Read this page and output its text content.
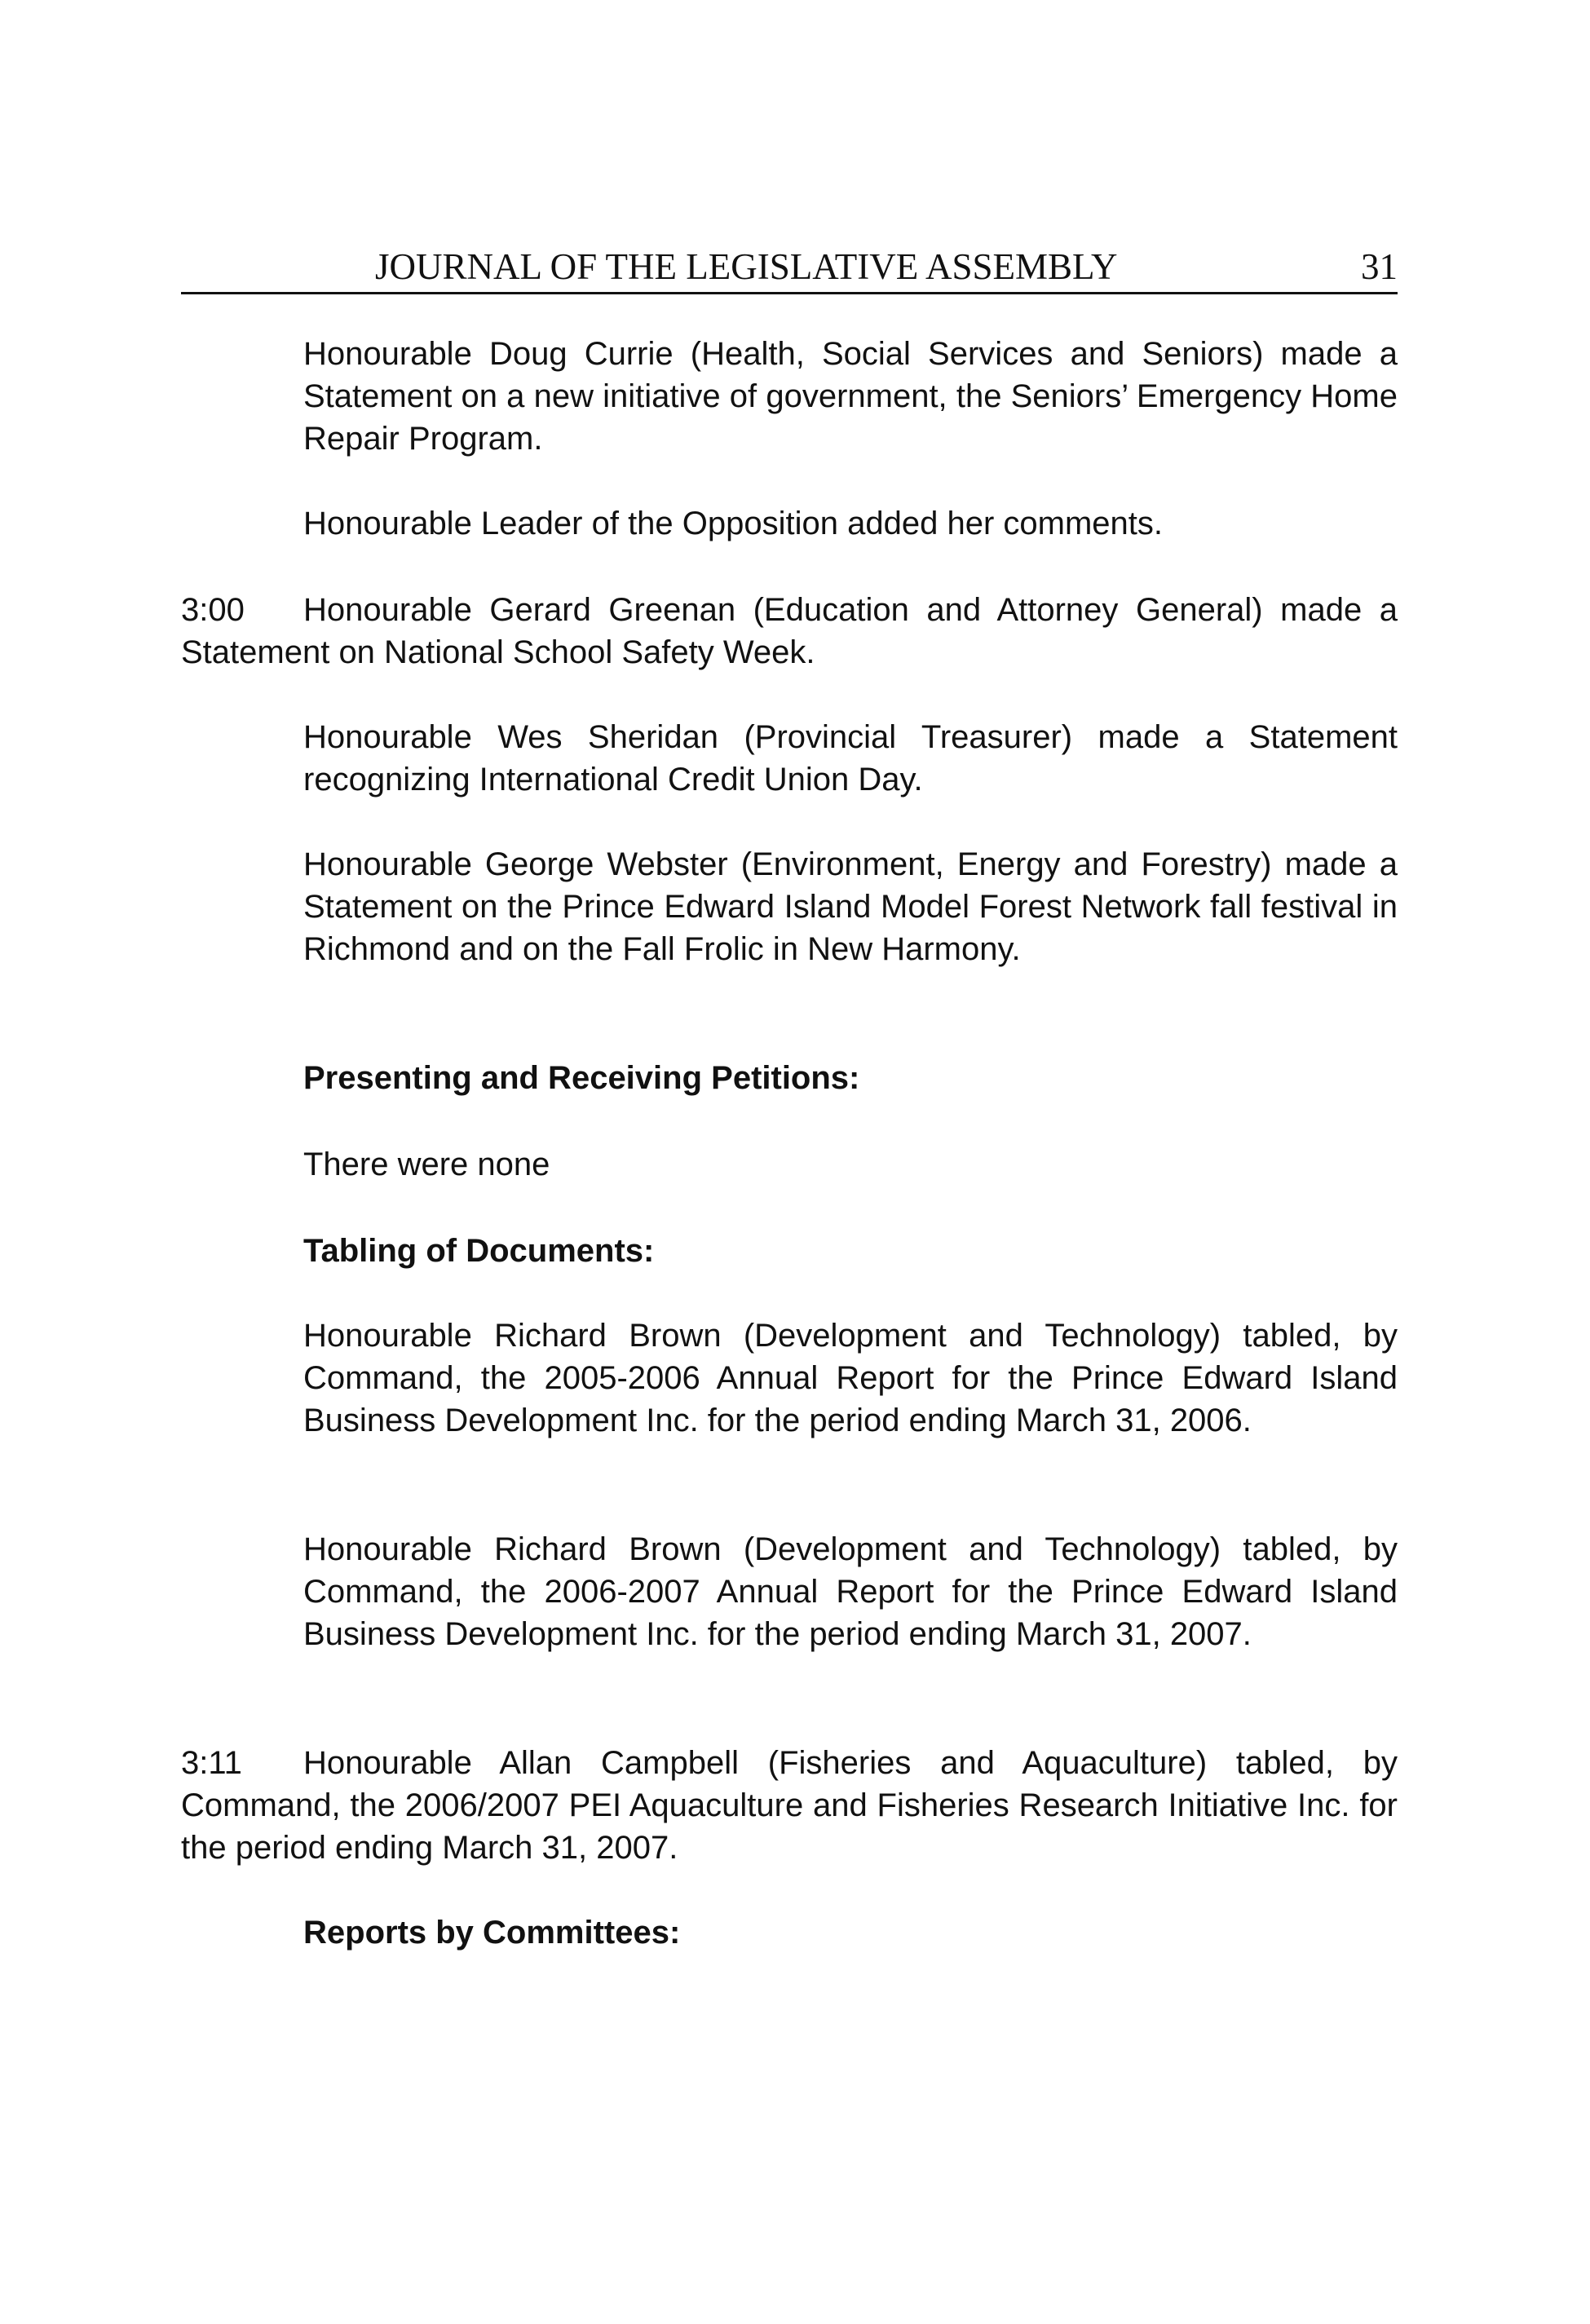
JOURNAL OF THE LEGISLATIVE ASSEMBLY	31

Honourable Doug Currie (Health, Social Services and Seniors) made a Statement on a new initiative of government, the Seniors’ Emergency Home Repair Program.

Honourable Leader of the Opposition added her comments.

3:00 Honourable Gerard Greenan (Education and Attorney General) made a Statement on National School Safety Week.

Honourable Wes Sheridan (Provincial Treasurer) made a Statement recognizing International Credit Union Day.

Honourable George Webster (Environment, Energy and Forestry) made a Statement on the Prince Edward Island Model Forest Network fall festival in Richmond and on the Fall Frolic in New Harmony.

Presenting and Receiving Petitions:

There were none

Tabling of Documents:

Honourable Richard Brown (Development and Technology) tabled, by Command, the 2005-2006 Annual Report for the Prince Edward Island Business Development Inc. for the period ending March 31, 2006.

Honourable Richard Brown (Development and Technology) tabled, by Command, the 2006-2007 Annual Report for the Prince Edward Island Business Development Inc. for the period ending March 31, 2007.

3:11 Honourable Allan Campbell (Fisheries and Aquaculture) tabled, by Command, the 2006/2007 PEI Aquaculture and Fisheries Research Initiative Inc. for the period ending March 31, 2007.

Reports by Committees:
